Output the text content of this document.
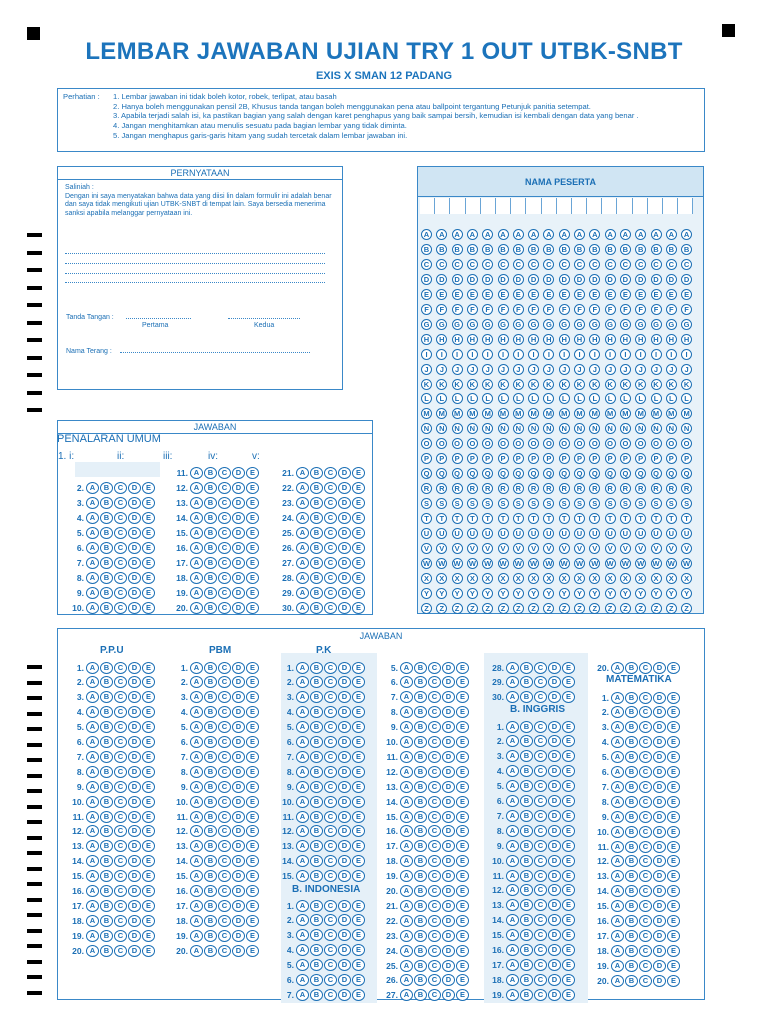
LEMBAR JAWABAN UJIAN TRY 1 OUT UTBK-SNBT
EXIS X SMAN 12 PADANG
Perhatian : 1. Lembar jawaban ini tidak boleh kotor, robek, terlipat, atau basah
2. Hanya boleh menggunakan pensil 2B, Khusus tanda tangan boleh menggunakan pena atau ballpoint tergantung Petunjuk panitia setempat.
3. Apabila terjadi salah isi, ka pastikan bagian yang salah dengan karet penghapus yang baik sampai bersih, kemudian isi kembali dengan data yang benar .
4. Jangan menghitamkan atau menulis sesuatu pada bagian lembar yang tidak diminta.
5. Jangan menghapus garis-garis hitam yang sudah tercetak dalam lembar jawaban ini.
PERNYATAAN
Saliniah :
Dengan ini saya menyatakan bahwa data yang diisi lin dalam formulir ini adalah benar dan saya tidak mengikuti ujian UTBK-SNBT di tempat lain. Saya bersedia menerima sanksi apabila melanggar pernyataan ini.
Tanda Tangan :
Pertama	Kedua
Nama Terang :
NAMA PESERTA
A	A	A	A	A	A	A	A	A	A	A	A	A	A	A	A	A	A
B	B	B	B	B	B	B	B	B	B	B	B	B	B	B	B	B	B
C	C	C	C	C	C	C	C	C	C	C	C	C	C	C	C	C	C
D	D	D	D	D	D	D	D	D	D	D	D	D	D	D	D	D	D
E	E	E	E	E	E	E	E	E	E	E	E	E	E	E	E	E	E
F	F	F	F	F	F	F	F	F	F	F	F	F	F	F	F	F	F
G	G	G	G	G	G	G	G	G	G	G	G	G	G	G	G	G	G
H	H	H	H	H	H	H	H	H	H	H	H	H	H	H	H	H	H
I	I	I	I	I	I	I	I	I	I	I	I	I	I	I	I	I	I
J	J	J	J	J	J	J	J	J	J	J	J	J	J	J	J	J	J
K	K	K	K	K	K	K	K	K	K	K	K	K	K	K	K	K	K
L	L	L	L	L	L	L	L	L	L	L	L	L	L	L	L	L	L
M	M	M	M	M	M	M	M	M	M	M	M	M	M	M	M	M	M
N	N	N	N	N	N	N	N	N	N	N	N	N	N	N	N	N	N
O	O	O	O	O	O	O	O	O	O	O	O	O	O	O	O	O	O
P	P	P	P	P	P	P	P	P	P	P	P	P	P	P	P	P	P
Q	Q	Q	Q	Q	Q	Q	Q	Q	Q	Q	Q	Q	Q	Q	Q	Q	Q
R	R	R	R	R	R	R	R	R	R	R	R	R	R	R	R	R	R
S	S	S	S	S	S	S	S	S	S	S	S	S	S	S	S	S	S
T	T	T	T	T	T	T	T	T	T	T	T	T	T	T	T	T	T
U	U	U	U	U	U	U	U	U	U	U	U	U	U	U	U	U	U
V	V	V	V	V	V	V	V	V	V	V	V	V	V	V	V	V	V
W W W W W W W W W W W W W W W W W W
X	X	X	X	X	X	X	X	X	X	X	X	X	X	X	X	X	X
Y	Y	Y	Y	Y	Y	Y	Y	Y	Y	Y	Y	Y	Y	Y	Y	Y	Y
Z	Z	Z	Z	Z	Z	Z	Z	Z	Z	Z	Z	Z	Z	Z	Z	Z	Z
JAWABAN
PENALARAN UMUM
1. i:	ii:	iii:	iv:	v:
JAWABAN
P.P.U	PBM	P.K
B. INDONESIA
B. INGGRIS
MATEMATIKA
2. A	B	C	D	E
3. A	B	C	D	E
4. A	B	C	D	E
5. A	B	C	D	E
6. A	B	C	D	E
7. A	B	C	D	E
8. A	B	C	D	E
9. A	B	C	D	E
10. A	B	C	D	E
11. A	B	C	D	E
12. A	B	C	D	E
13. A	B	C	D	E
14. A	B	C	D	E
15. A	B	C	D	E
16. A	B	C	D	E
17. A	B	C	D	E
18. A	B	C	D	E
19. A	B	C	D	E
20. A	B	C	D	E
21. A	B	C	D	E
22. A	B	C	D	E
23. A	B	C	D	E
24. A	B	C	D	E
25. A	B	C	D	E
26. A	B	C	D	E
27. A	B	C	D	E
28. A	B	C	D	E
29. A	B	C	D	E
30. A	B	C	D	E
1. A	B	C	D	E
2. A	B	C	D	E
3. A	B	C	D	E
4. A	B	C	D	E
5. A	B	C	D	E
6. A	B	C	D	E
7. A	B	C	D	E
8. A	B	C	D	E
9. A	B	C	D	E
10. A	B	C	D	E
11. A	B	C	D	E
12. A	B	C	D	E
13. A	B	C	D	E
14. A	B	C	D	E
15. A	B	C	D	E
16. A	B	C	D	E
17. A	B	C	D	E
18. A	B	C	D	E
19. A	B	C	D	E
20. A	B	C	D	E
1. A	B	C	D	E
2. A	B	C	D	E
3. A	B	C	D	E
4. A	B	C	D	E
5. A	B	C	D	E
6. A	B	C	D	E
7. A	B	C	D	E
8. A	B	C	D	E
9. A	B	C	D	E
10. A	B	C	D	E
11. A	B	C	D	E
12. A	B	C	D	E
13. A	B	C	D	E
14. A	B	C	D	E
15. A	B	C	D	E
16. A	B	C	D	E
17. A	B	C	D	E
18. A	B	C	D	E
19. A	B	C	D	E
20. A	B	C	D	E
1. A	B	C	D	E
2. A	B	C	D	E
3. A	B	C	D	E
4. A	B	C	D	E
5. A	B	C	D	E
6. A	B	C	D	E
7. A	B	C	D	E
8. A	B	C	D	E
9. A	B	C	D	E
10. A	B	C	D	E
11. A	B	C	D	E
12. A	B	C	D	E
13. A	B	C	D	E
14. A	B	C	D	E
15. A	B	C	D	E
1. A	B	C	D	E
2. A	B	C	D	E
3. A	B	C	D	E
4. A	B	C	D	E
5. A	B	C	D	E
6. A	B	C	D	E
7. A	B	C	D	E
5. A	B	C	D	E
6. A	B	C	D	E
7. A	B	C	D	E
8. A	B	C	D	E
9. A	B	C	D	E
10. A	B	C	D	E
11. A	B	C	D	E
12. A	B	C	D	E
13. A	B	C	D	E
14. A	B	C	D	E
15. A	B	C	D	E
16. A	B	C	D	E
17. A	B	C	D	E
18. A	B	C	D	E
19. A	B	C	D	E
20. A	B	C	D	E
21. A	B	C	D	E
22. A	B	C	D	E
23. A	B	C	D	E
24. A	B	C	D	E
25. A	B	C	D	E
26. A	B	C	D	E
27. A	B	C	D	E
28. A	B	C	D	E
29. A	B	C	D	E
30. A	B	C	D	E
1. A	B	C	D	E
2. A	B	C	D	E
3. A	B	C	D	E
4. A	B	C	D	E
5. A	B	C	D	E
6. A	B	C	D	E
7. A	B	C	D	E
8. A	B	C	D	E
9. A	B	C	D	E
10. A	B	C	D	E
11. A	B	C	D	E
12. A	B	C	D	E
13. A	B	C	D	E
14. A	B	C	D	E
15. A	B	C	D	E
16. A	B	C	D	E
17. A	B	C	D	E
18. A	B	C	D	E
19. A	B	C	D	E
20. A	B	C	D	E
1. A	B	C	D	E
2. A	B	C	D	E
3. A	B	C	D	E
4. A	B	C	D	E
5. A	B	C	D	E
6. A	B	C	D	E
7. A	B	C	D	E
8. A	B	C	D	E
9. A	B	C	D	E
10. A	B	C	D	E
11. A	B	C	D	E
12. A	B	C	D	E
13. A	B	C	D	E
14. A	B	C	D	E
15. A	B	C	D	E
16. A	B	C	D	E
17. A	B	C	D	E
18. A	B	C	D	E
19. A	B	C	D	E
20. A	B	C	D	E
